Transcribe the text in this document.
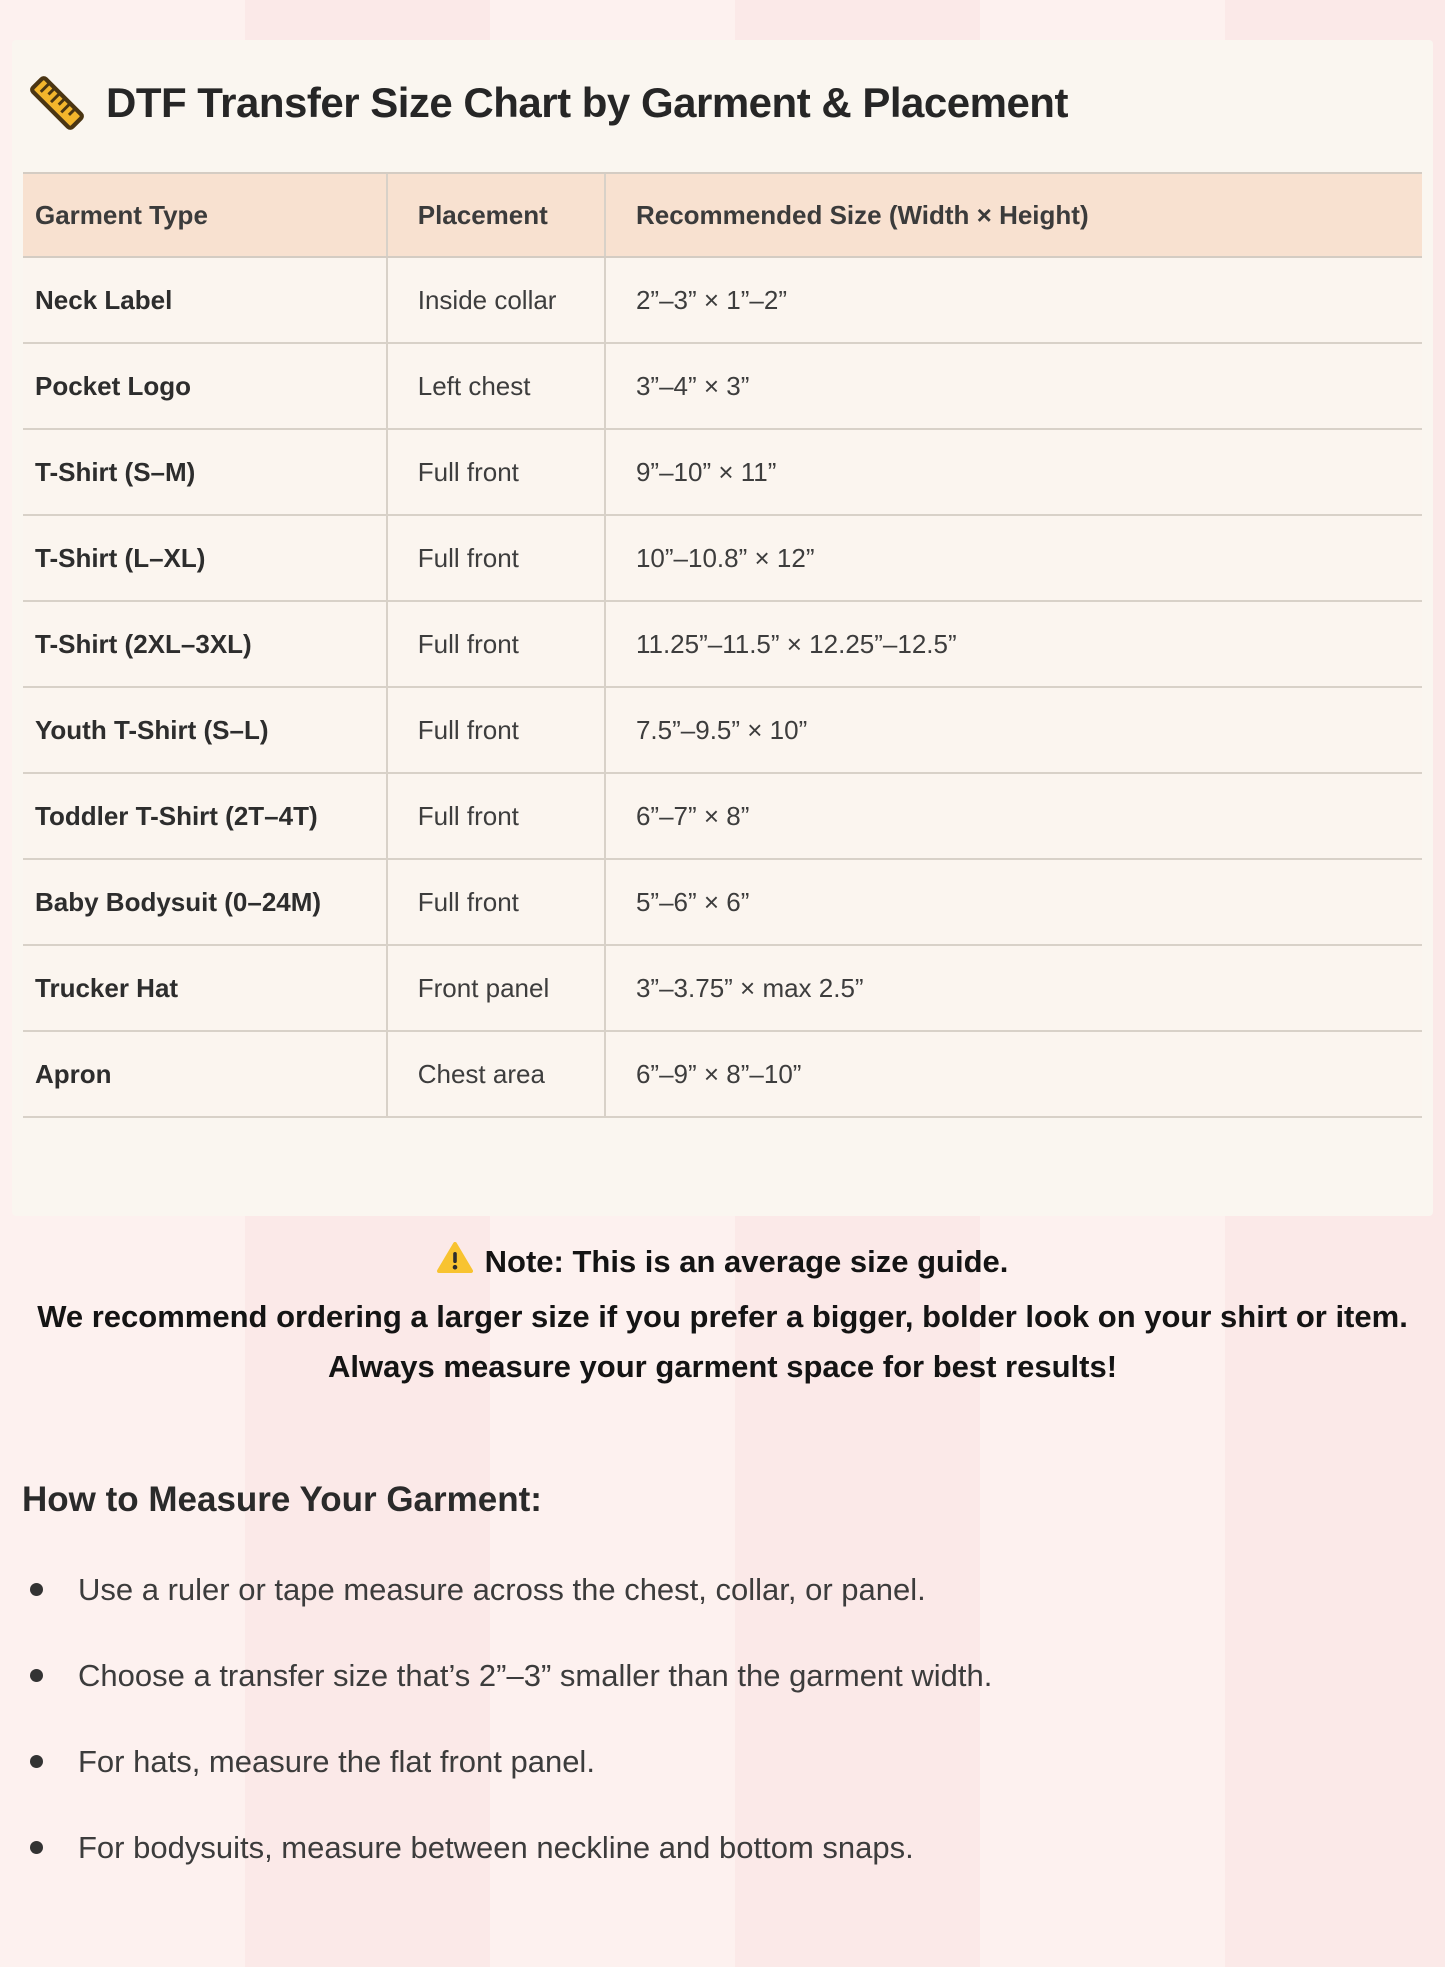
DTF Transfer Size Chart by Garment & Placement
Garment Type	Placement	Recommended Size (Width × Height)
Neck Label	Inside collar	2”–3” × 1”–2”
Pocket Logo	Left chest	3”–4” × 3”
T-Shirt (S–M)	Full front	9”–10” × 11”
T-Shirt (L–XL)	Full front	10”–10.8” × 12”
T-Shirt (2XL–3XL)	Full front	11.25”–11.5” × 12.25”–12.5”
Youth T-Shirt (S–L)	Full front	7.5”–9.5” × 10”
Toddler T-Shirt (2T–4T)	Full front	6”–7” × 8”
Baby Bodysuit (0–24M)	Full front	5”–6” × 6”
Trucker Hat	Front panel	3”–3.75” × max 2.5”
Apron	Chest area	6”–9” × 8”–10”
Note: This is an average size guide.
We recommend ordering a larger size if you prefer a bigger, bolder look on your shirt or item. Always measure your garment space for best results!
How to Measure Your Garment:
Use a ruler or tape measure across the chest, collar, or panel.
Choose a transfer size that’s 2”–3” smaller than the garment width.
For hats, measure the flat front panel.
For bodysuits, measure between neckline and bottom snaps.
